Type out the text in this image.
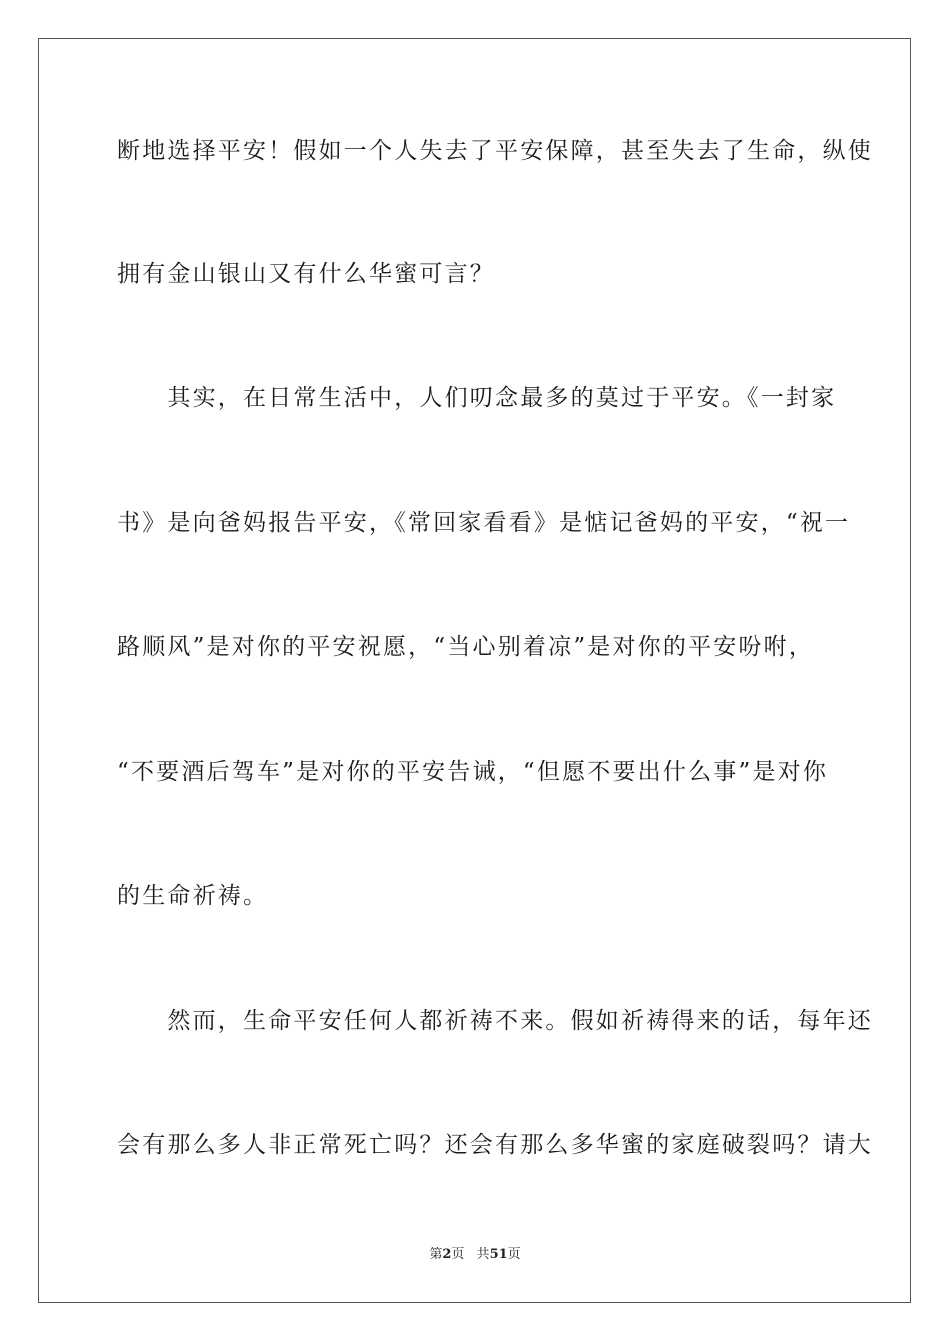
断地选择平安！假如一个人失去了平安保障，甚至失去了生命，纵使
拥有金山银山又有什么华蜜可言？
　　其实，在日常生活中，人们叨念最多的莫过于平安。《一封家
书》是向爸妈报告平安，《常回家看看》是惦记爸妈的平安，“祝一
路顺风”是对你的平安祝愿，“当心别着凉”是对你的平安吩咐，
“不要酒后驾车”是对你的平安告诫，“但愿不要出什么事”是对你
的生命祈祷。
　　然而，生命平安任何人都祈祷不来。假如祈祷得来的话，每年还
会有那么多人非正常死亡吗？还会有那么多华蜜的家庭破裂吗？请大
第2页 共51页
